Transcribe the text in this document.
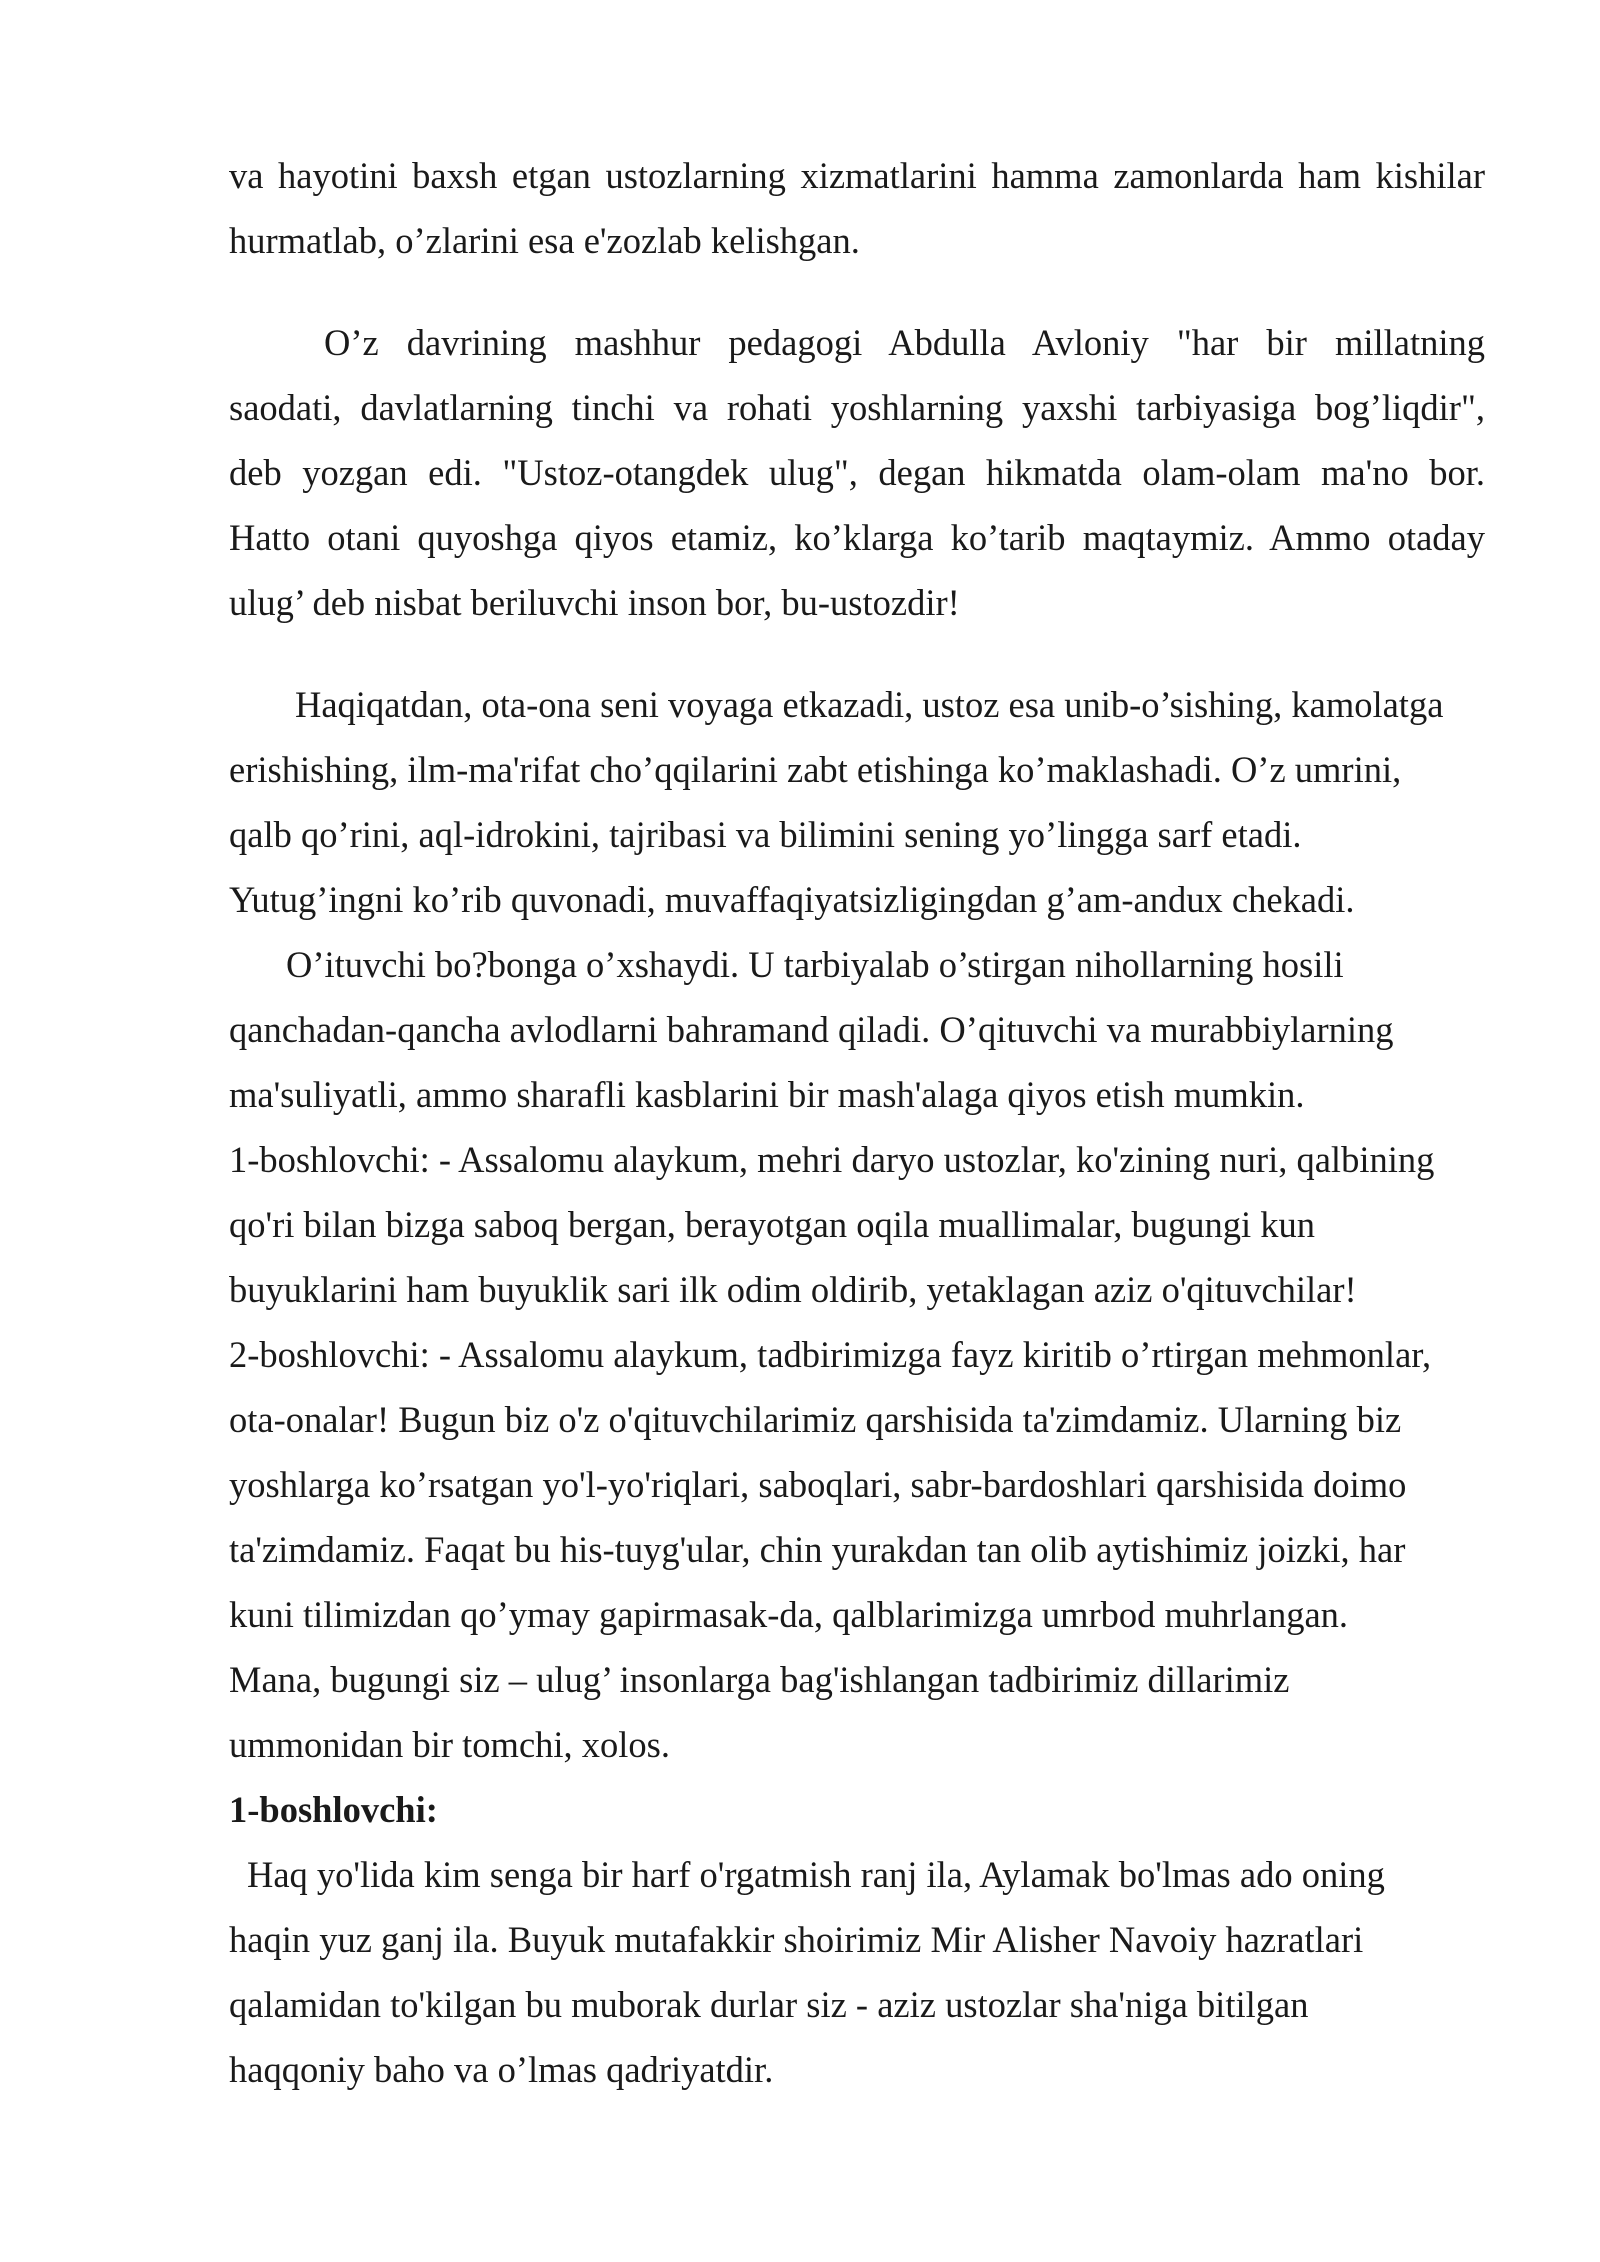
va hayotini baxsh etgan ustozlarning xizmatlarini hamma zamonlarda ham kishilar
hurmatlab, o’zlarini esa e'zozlab kelishgan.
O’z davrining mashhur pedagogi Abdulla Avloniy "har bir millatning
saodati, davlatlarning tinchi va rohati yoshlarning yaxshi tarbiyasiga bog’liqdir",
deb yozgan edi. "Ustoz-otangdek ulug", degan hikmatda olam-olam ma'no bor.
Hatto otani quyoshga qiyos etamiz, ko’klarga ko’tarib maqtaymiz. Ammo otaday
ulug’ deb nisbat beriluvchi inson bor, bu-ustozdir!
Haqiqatdan, ota-ona seni voyaga etkazadi, ustoz esa unib-o’sishing, kamolatga
erishishing, ilm-ma'rifat cho’qqilarini zabt etishinga ko’maklashadi. O’z umrini,
qalb qo’rini, aql-idrokini, tajribasi va bilimini sening yo’lingga sarf etadi.
Yutug’ingni ko’rib quvonadi, muvaffaqiyatsizligingdan g’am-andux chekadi.
O’ituvchi bo?bonga o’xshaydi. U tarbiyalab o’stirgan nihollarning hosili
qanchadan-qancha avlodlarni bahramand qiladi. O’qituvchi va murabbiylarning
ma'suliyatli, ammo sharafli kasblarini bir mash'alaga qiyos etish mumkin.
1-boshlovchi: - Assalomu alaykum, mehri daryo ustozlar, ko'zining nuri, qalbining
qo'ri bilan bizga saboq bergan, berayotgan oqila muallimalar, bugungi kun
buyuklarini ham buyuklik sari ilk odim oldirib, yetaklagan aziz o'qituvchilar!
2-boshlovchi: - Assalomu alaykum, tadbirimizga fayz kiritib o’rtirgan mehmonlar,
ota-onalar! Bugun biz o'z o'qituvchilarimiz qarshisida ta'zimdamiz. Ularning biz
yoshlarga ko’rsatgan yo'l-yo'riqlari, saboqlari, sabr-bardoshlari qarshisida doimo
ta'zimdamiz. Faqat bu his-tuyg'ular, chin yurakdan tan olib aytishimiz joizki, har
kuni tilimizdan qo’ymay gapirmasak-da, qalblarimizga umrbod muhrlangan.
Mana, bugungi siz – ulug’ insonlarga bag'ishlangan tadbirimiz dillarimiz
ummonidan bir tomchi, xolos.
1-boshlovchi:
Haq yo'lida kim senga bir harf o'rgatmish ranj ila, Aylamak bo'lmas ado oning
haqin yuz ganj ila. Buyuk mutafakkir shoirimiz Mir Alisher Navoiy hazratlari
qalamidan to'kilgan bu muborak durlar siz - aziz ustozlar sha'niga bitilgan
haqqoniy baho va o’lmas qadriyatdir.
